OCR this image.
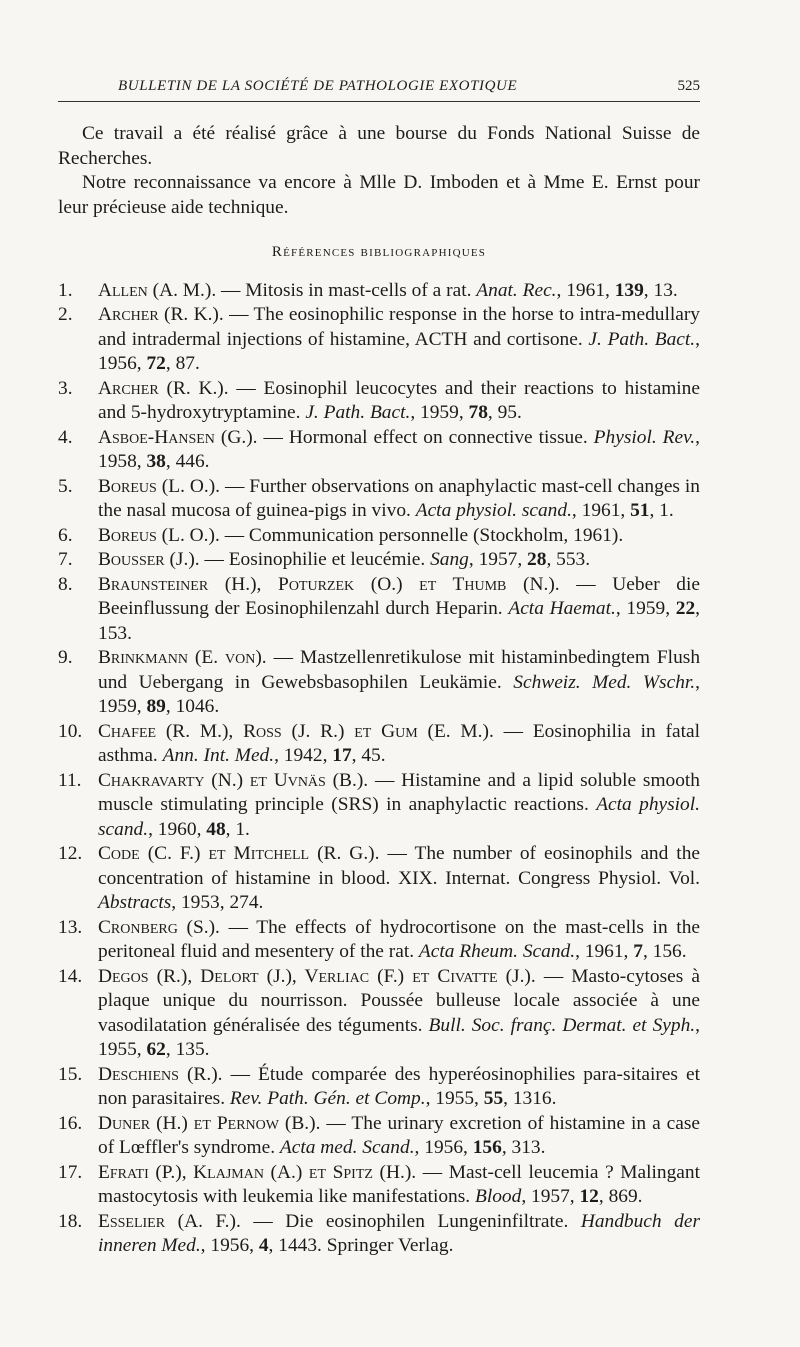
BULLETIN DE LA SOCIÉTÉ DE PATHOLOGIE EXOTIQUE	525

Ce travail a été réalisé grâce à une bourse du Fonds National Suisse de Recherches.

Notre reconnaissance va encore à Mlle D. Imboden et à Mme E. Ernst pour leur précieuse aide technique.

Références bibliographiques
1.	Allen (A. M.). — Mitosis in mast-cells of a rat. Anat. Rec., 1961, 139, 13.
2.	Archer (R. K.). — The eosinophilic response in the horse to intra-medullary and intradermal injections of histamine, ACTH and cortisone. J. Path. Bact., 1956, 72, 87.
3.	Archer (R. K.). — Eosinophil leucocytes and their reactions to histamine and 5-hydroxytryptamine. J. Path. Bact., 1959, 78, 95.
4.	Asboe-Hansen (G.). — Hormonal effect on connective tissue. Physiol. Rev., 1958, 38, 446.
5.	Boreus (L. O.). — Further observations on anaphylactic mast-cell changes in the nasal mucosa of guinea-pigs in vivo. Acta physiol. scand., 1961, 51, 1.
6.	Boreus (L. O.). — Communication personnelle (Stockholm, 1961).
7.	Bousser (J.). — Eosinophilie et leucémie. Sang, 1957, 28, 553.
8.	Braunsteiner (H.), Poturzek (O.) et Thumb (N.). — Ueber die Beeinflussung der Eosinophilenzahl durch Heparin. Acta Haemat., 1959, 22, 153.
9.	Brinkmann (E. von). — Mastzellenretikulose mit histaminbedingtem Flush und Uebergang in Gewebsbasophilen Leukämie. Schweiz. Med. Wschr., 1959, 89, 1046.
10. Chafee (R. M.), Ross (J. R.) et Gum (E. M.). — Eosinophilia in fatal asthma. Ann. Int. Med., 1942, 17, 45.
11. Chakravarty (N.) et Uvnäs (B.). — Histamine and a lipid soluble smooth muscle stimulating principle (SRS) in anaphylactic reactions. Acta physiol. scand., 1960, 48, 1.
12. Code (C. F.) et Mitchell (R. G.). — The number of eosinophils and the concentration of histamine in blood. XIX. Internat. Congress Physiol. Vol. Abstracts, 1953, 274.
13. Cronberg (S.). — The effects of hydrocortisone on the mast-cells in the peritoneal fluid and mesentery of the rat. Acta Rheum. Scand., 1961, 7, 156.
14. Degos (R.), Delort (J.), Verliac (F.) et Civatte (J.). — Masto-cytoses à plaque unique du nourrisson. Poussée bulleuse locale associée à une vasodilatation généralisée des téguments. Bull. Soc. franç. Dermat. et Syph., 1955, 62, 135.
15. Deschiens (R.). — Étude comparée des hyperéosinophilies para-sitaires et non parasitaires. Rev. Path. Gén. et Comp., 1955, 55, 1316.
16. Duner (H.) et Pernow (B.). — The urinary excretion of histamine in a case of Lœffler's syndrome. Acta med. Scand., 1956, 156, 313.
17. Efrati (P.), Klajman (A.) et Spitz (H.). — Mast-cell leucemia ? Malingant mastocytosis with leukemia like manifestations. Blood, 1957, 12, 869.
18. Esselier (A. F.). — Die eosinophilen Lungeninfiltrate. Handbuch der inneren Med., 1956, 4, 1443. Springer Verlag.
